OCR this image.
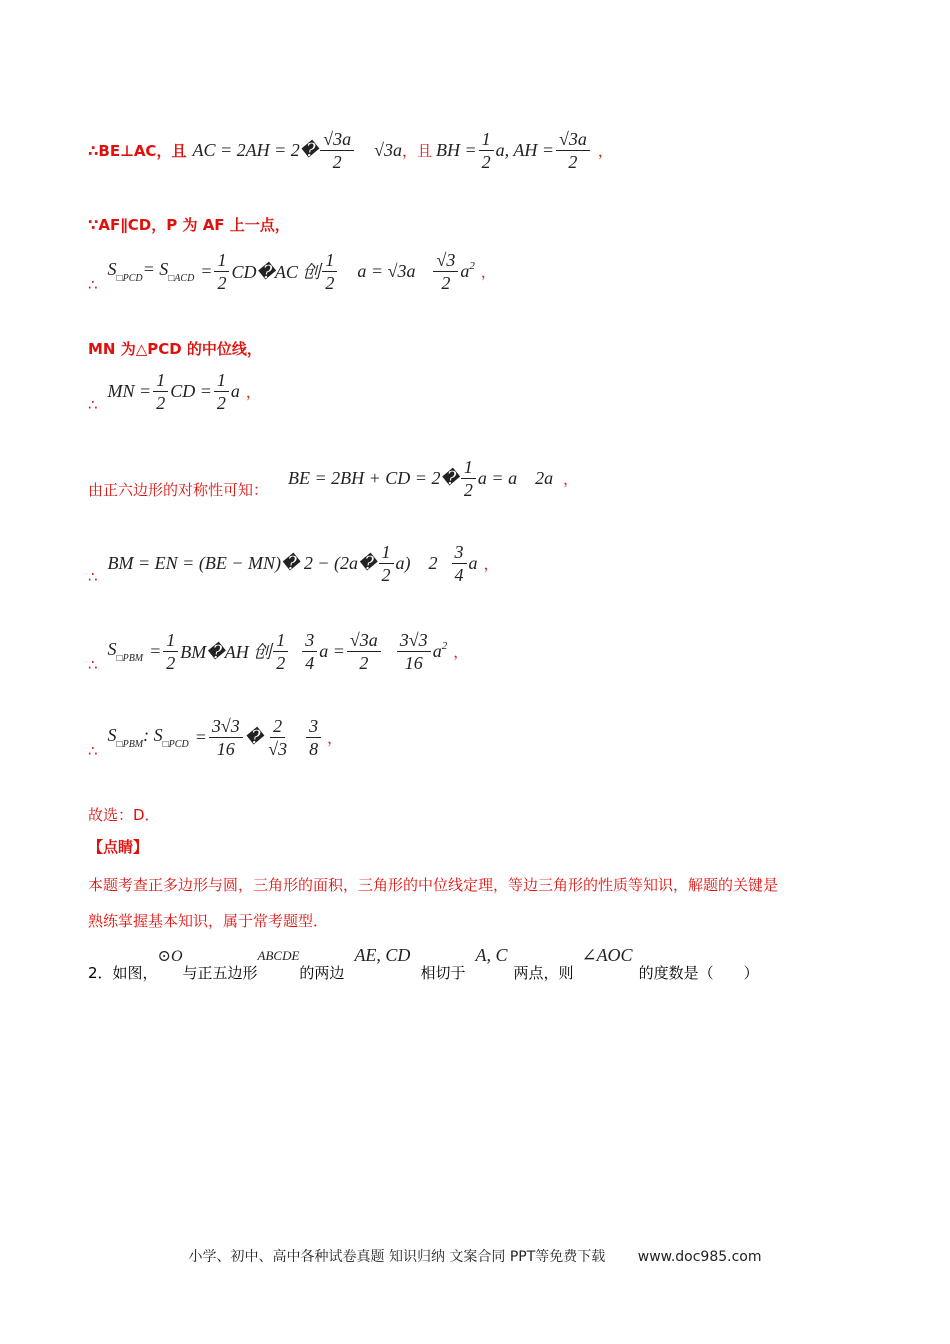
∴BE⊥AC，且 AC = 2AH = 2 � $\frac{√3a}{2} √3a$ ，且 BH = $\frac{1}{2} a$, AH = $\frac{√3a}{2}$ ，
∵AF∥CD，P 为 AF 上一点，
∴
$S_{□PCD} = S_{□ACD} = \frac{1}{2}$ CD�AC 创 $\frac{1}{2}$ $a = √3a \frac{√3}{2} a^2$ ，
MN 为△PCD 的中位线，
∴
MN = $\frac{1}{2}$ CD = $\frac{1}{2}$ a ，
由正六边形的对称性可知：
BE = 2BH + CD = 2 � $\frac{1}{2}$ a = a    2a ，
∴
BM = EN = (BE − MN)� 2 − (2a � $\frac{1}{2} a$)    $2 \frac{3}{4}$ a ，
∴
$S_{□PBM} = \frac{1}{2}$ BM�AH 创 $\frac{1}{2} \frac{3}{4}$ $a = \frac{√3a}{2} \frac{3√3}{16} a^2$ ，
∴
$S_{□PBM}$ : $S_{□PCD} = \frac{3√3}{16}$ � $\frac{2}{√3} \frac{3}{8}$ ，
故选：D．
【点睛】
本题考查正多边形与圆，三角形的面积，三角形的中位线定理，等边三角形的性质等知识，解题的关键是
熟练掌握基本知识，属于常考题型．
2．如图，
⊙O
与正五边形
ABCDE
的两边
AE, CD
相切于
A, C
两点，则
∠AOC
的度数是（　　）
小学、初中、高中各种试卷真题 知识归纳 文案合同 PPT等免费下载 www.doc985.com
